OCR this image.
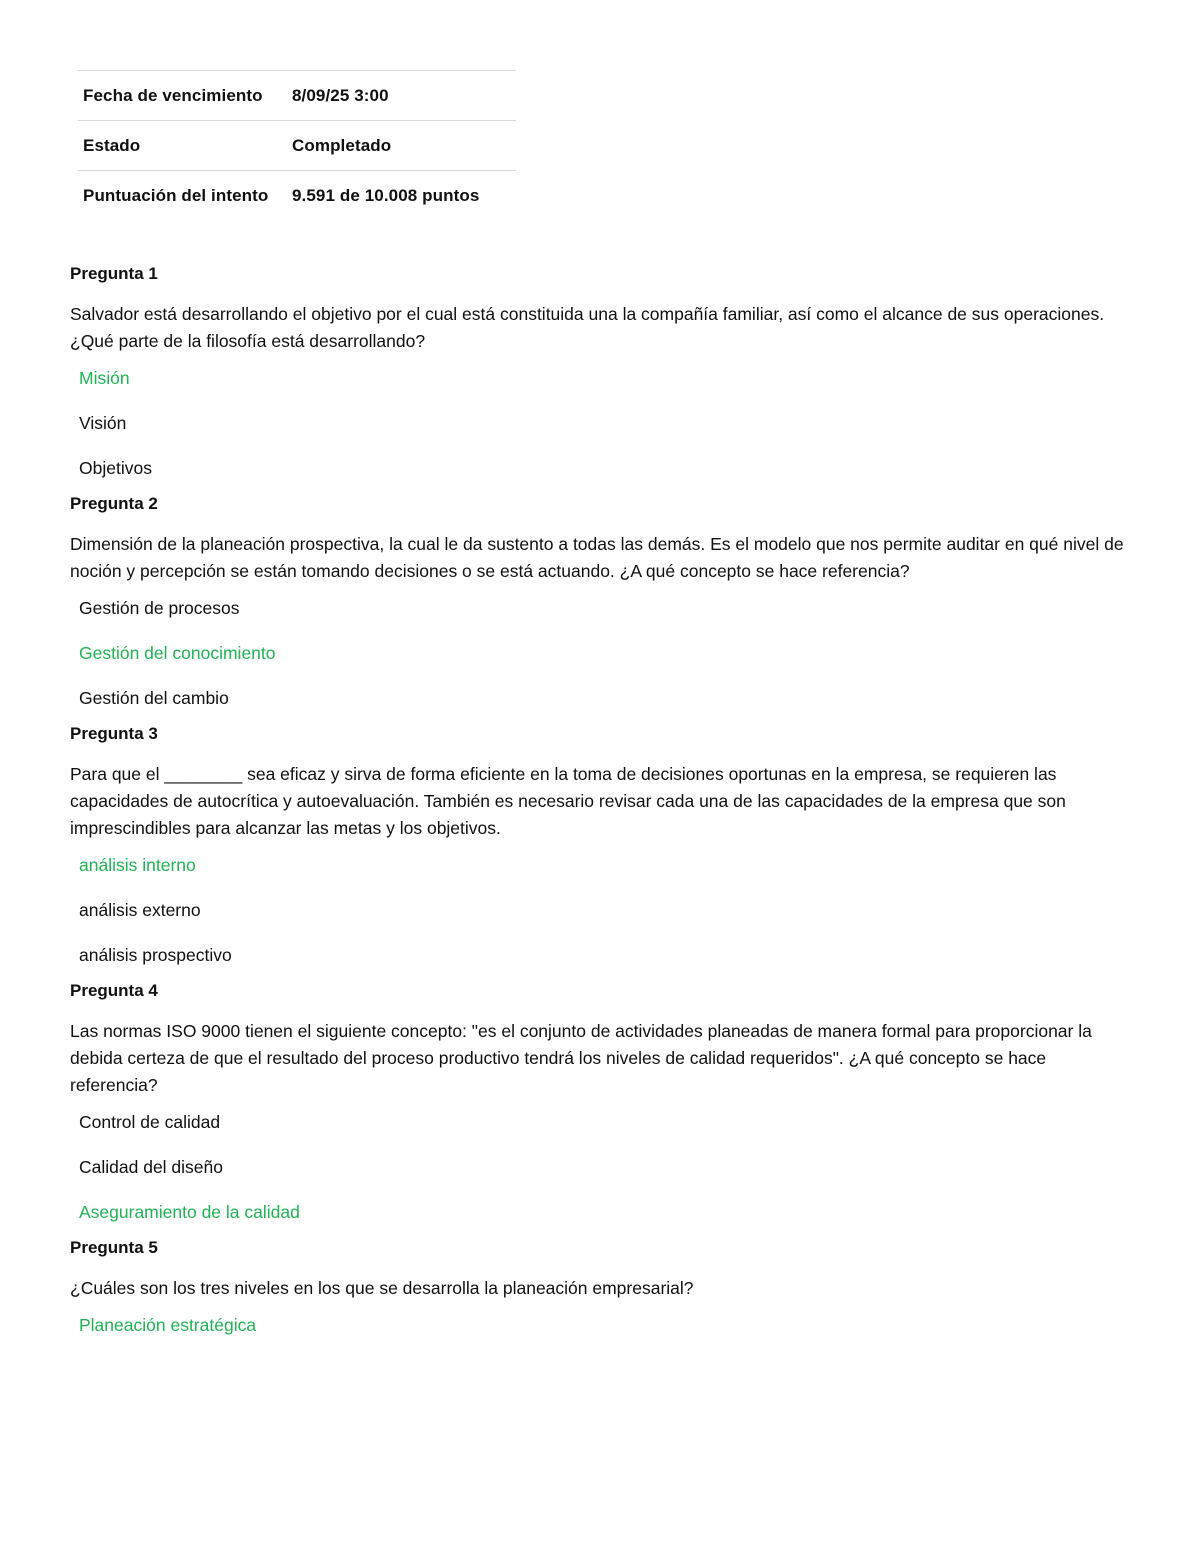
Fecha de vencimiento	8/09/25 3:00
Estado	Completado
Puntuación del intento	9.591 de 10.008 puntos

Pregunta 1

Salvador está desarrollando el objetivo por el cual está constituida una la compañía familiar, así como el alcance de sus operaciones. ¿Qué parte de la filosofía está desarrollando?

Misión
Visión
Objetivos

Pregunta 2

Dimensión de la planeación prospectiva, la cual le da sustento a todas las demás. Es el modelo que nos permite auditar en qué nivel de noción y percepción se están tomando decisiones o se está actuando. ¿A qué concepto se hace referencia?

Gestión de procesos
Gestión del conocimiento
Gestión del cambio

Pregunta 3

Para que el ________ sea eficaz y sirva de forma eficiente en la toma de decisiones oportunas en la empresa, se requieren las capacidades de autocrítica y autoevaluación. También es necesario revisar cada una de las capacidades de la empresa que son imprescindibles para alcanzar las metas y los objetivos.

análisis interno
análisis externo
análisis prospectivo

Pregunta 4

Las normas ISO 9000 tienen el siguiente concepto: "es el conjunto de actividades planeadas de manera formal para proporcionar la debida certeza de que el resultado del proceso productivo tendrá los niveles de calidad requeridos". ¿A qué concepto se hace referencia?

Control de calidad
Calidad del diseño
Aseguramiento de la calidad

Pregunta 5

¿Cuáles son los tres niveles en los que se desarrolla la planeación empresarial?

Planeación estratégica
